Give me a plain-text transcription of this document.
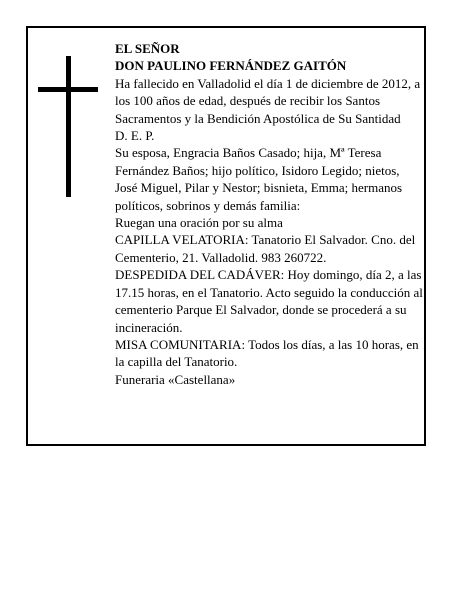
EL SEÑOR

DON PAULINO FERNÁNDEZ GAITÓN

Ha fallecido en Valladolid el día 1 de diciembre de 2012, a los 100 años de edad, después de recibir los Santos Sacramentos y la Bendición Apostólica de Su Santidad

D. E. P.

Su esposa, Engracia Baños Casado; hija, Mª Teresa Fernández Baños; hijo político, Isidoro Legido; nietos, José Miguel, Pilar y Nestor; bisnieta, Emma; hermanos políticos, sobrinos y demás familia:

Ruegan una oración por su alma

CAPILLA VELATORIA: Tanatorio El Salvador. Cno. del Cementerio, 21. Valladolid. 983 260722.

DESPEDIDA DEL CADÁVER: Hoy domingo, día 2, a las 17.15 horas, en el Tanatorio. Acto seguido la conducción al cementerio Parque El Salvador, donde se procederá a su incineración.

MISA COMUNITARIA: Todos los días, a las 10 horas, en la capilla del Tanatorio.

Funeraria «Castellana»
